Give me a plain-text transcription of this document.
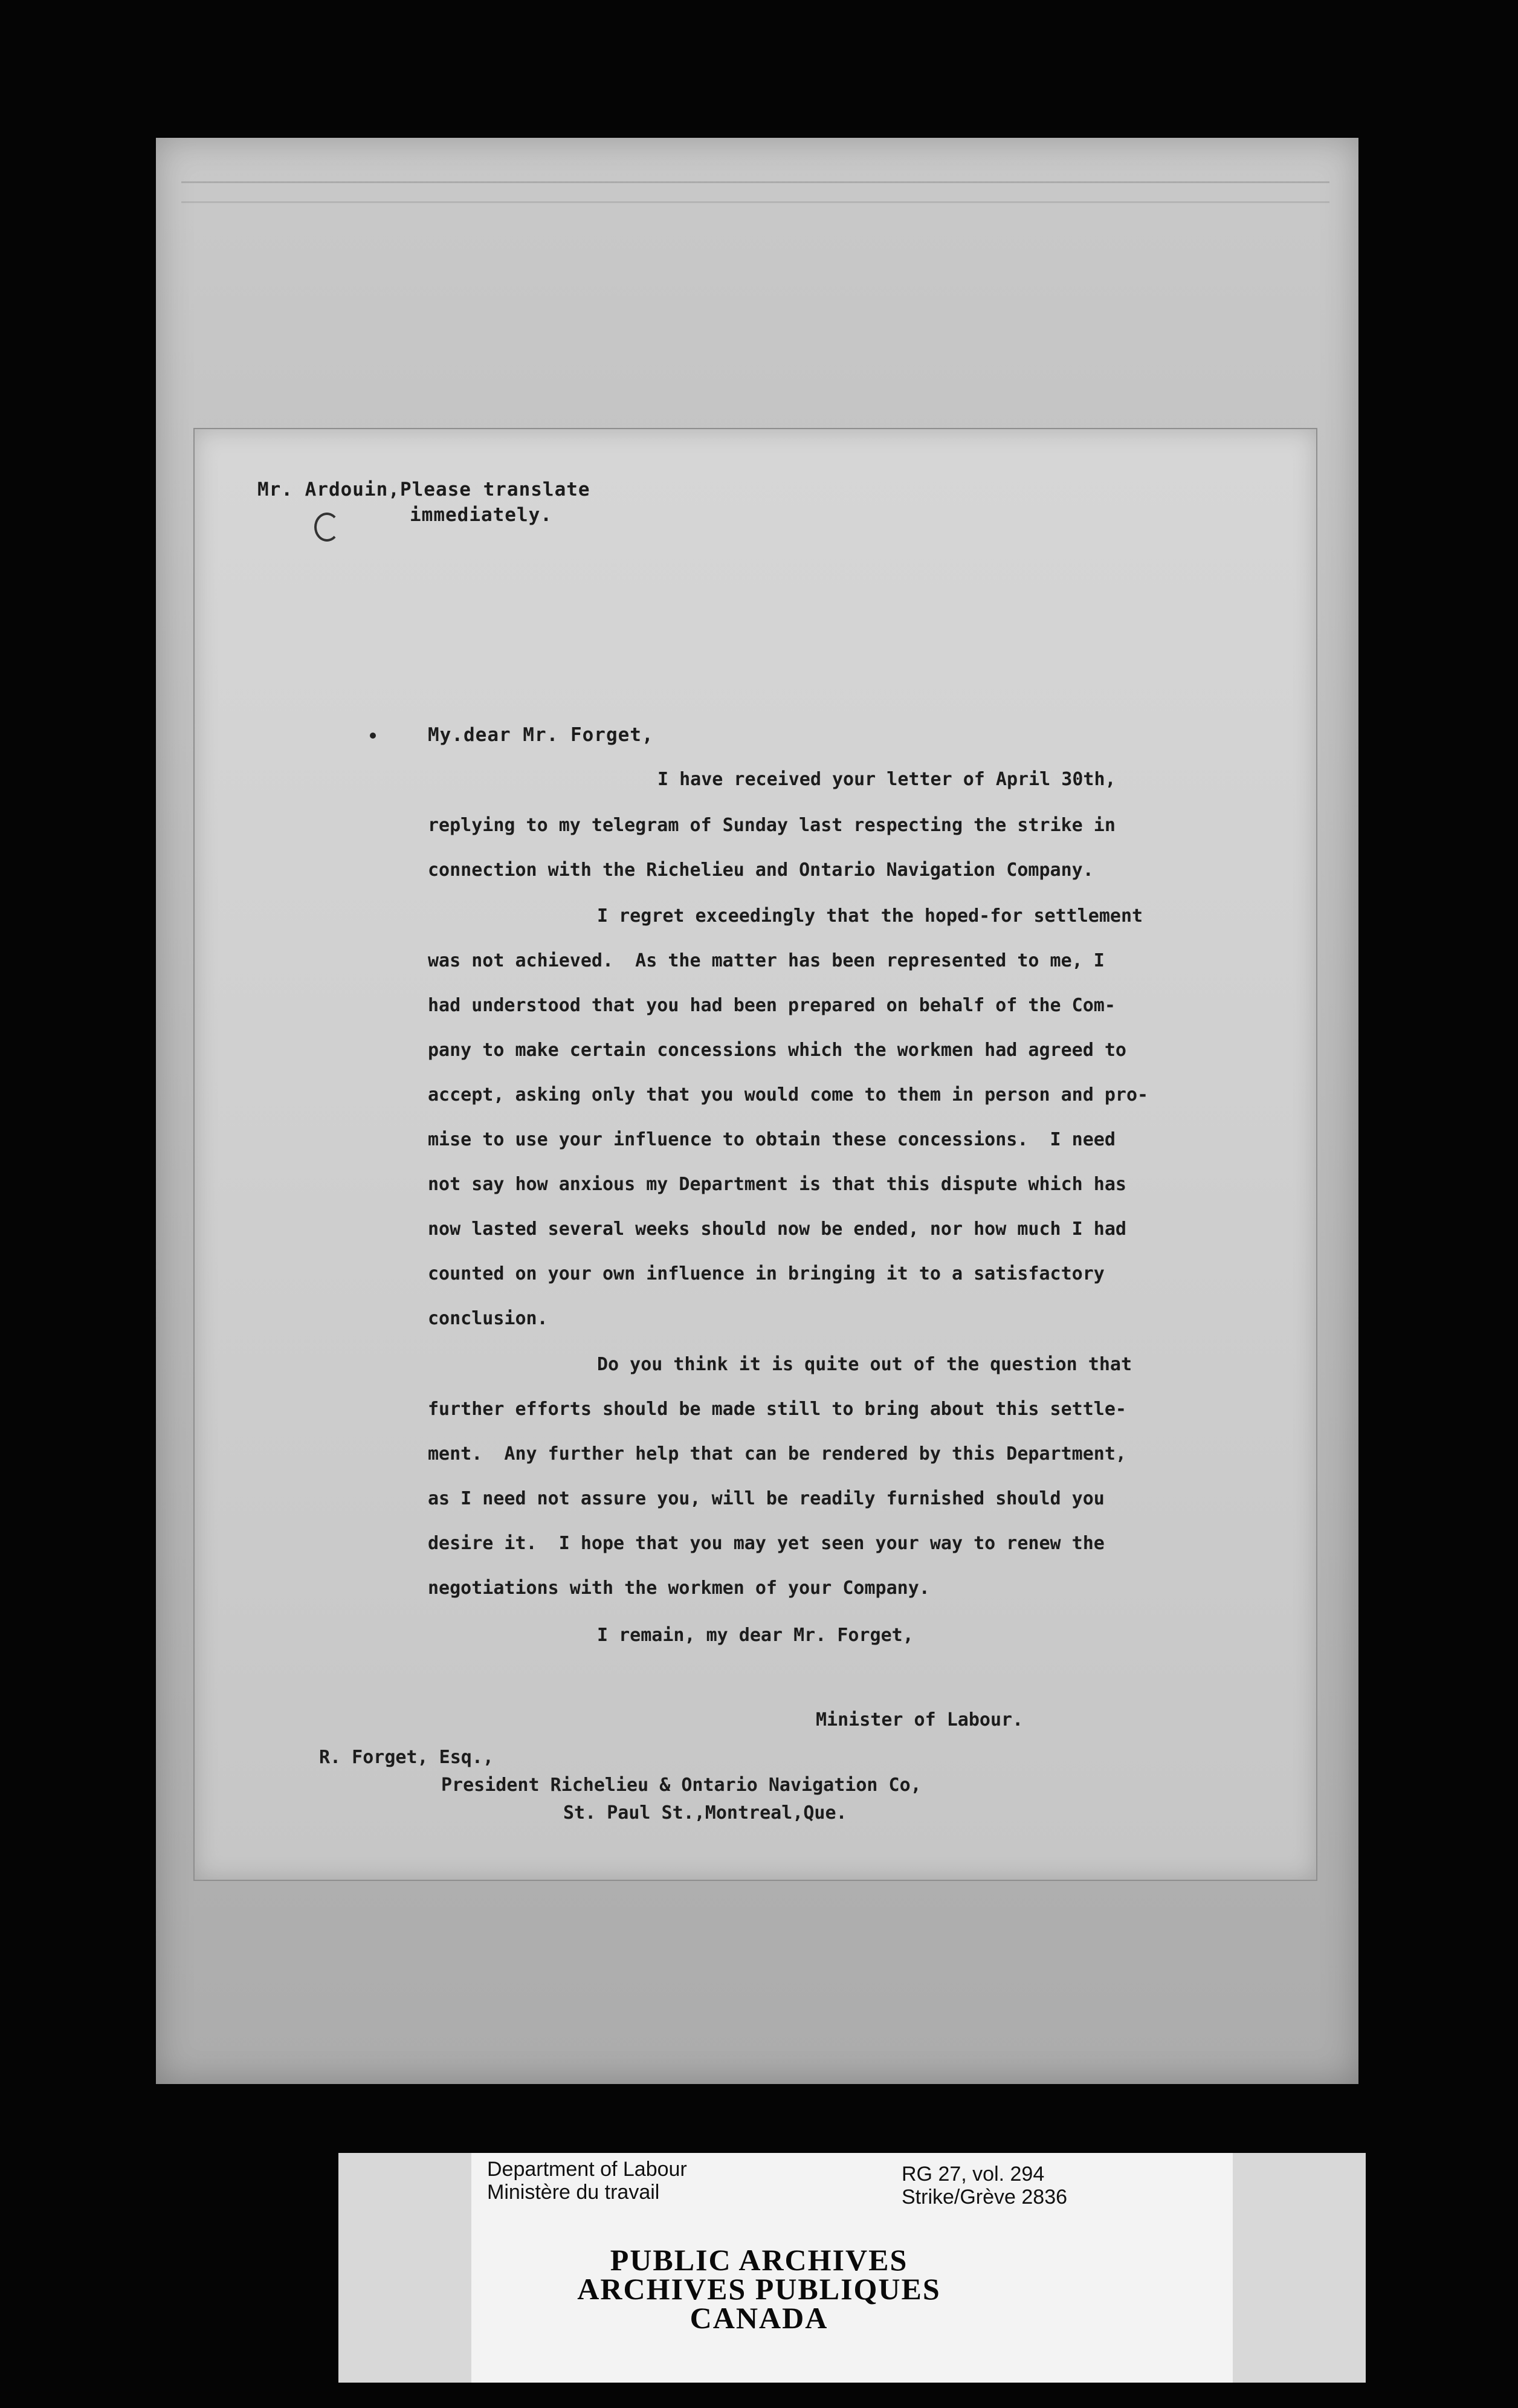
Mr. Ardouin,Please translate

immediately.

My.dear Mr. Forget,

I have received your letter of April 30th,

replying to my telegram of Sunday last respecting the strike in

connection with the Richelieu and Ontario Navigation Company.

I regret exceedingly that the hoped-for settlement

was not achieved.  As the matter has been represented to me, I

had understood that you had been prepared on behalf of the Com-

pany to make certain concessions which the workmen had agreed to

accept, asking only that you would come to them in person and pro-

mise to use your influence to obtain these concessions.  I need

not say how anxious my Department is that this dispute which has

now lasted several weeks should now be ended, nor how much I had

counted on your own influence in bringing it to a satisfactory

conclusion.

Do you think it is quite out of the question that

further efforts should be made still to bring about this settle-

ment.  Any further help that can be rendered by this Department,

as I need not assure you, will be readily furnished should you

desire it.  I hope that you may yet seen your way to renew the

negotiations with the workmen of your Company.

I remain, my dear Mr. Forget,

Minister of Labour.

R. Forget, Esq.,

President Richelieu & Ontario Navigation Co,

St. Paul St.,Montreal,Que.

Department of Labour

Ministère du travail

RG 27, vol. 294

Strike/Grève 2836

PUBLIC ARCHIVES

ARCHIVES PUBLIQUES

CANADA
